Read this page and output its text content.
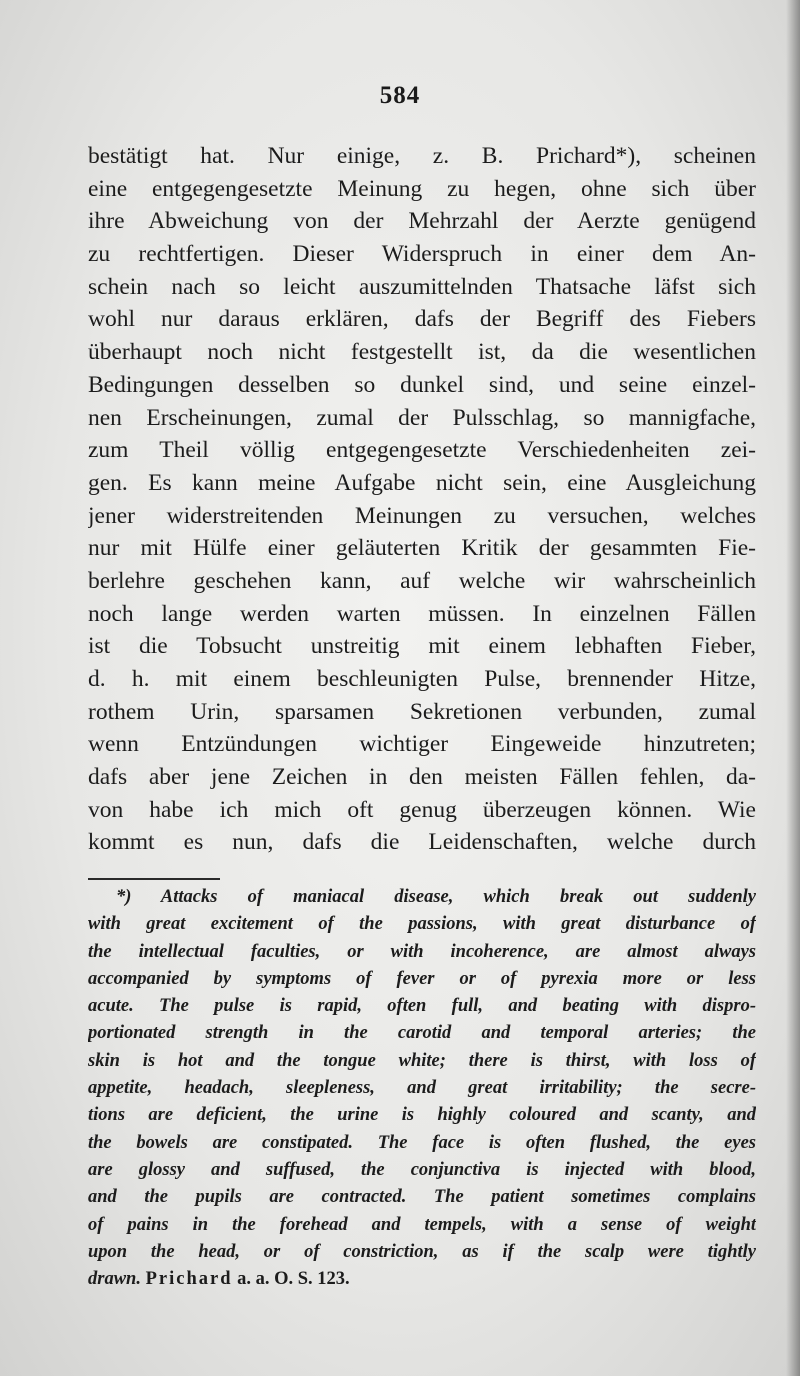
584
bestätigt hat. Nur einige, z. B. Prichard*), scheinen
eine entgegengesetzte Meinung zu hegen, ohne sich über
ihre Abweichung von der Mehrzahl der Aerzte genügend
zu rechtfertigen. Dieser Widerspruch in einer dem An-
schein nach so leicht auszumittelnden Thatsache läfst sich
wohl nur daraus erklären, dafs der Begriff des Fiebers
überhaupt noch nicht festgestellt ist, da die wesentlichen
Bedingungen desselben so dunkel sind, und seine einzel-
nen Erscheinungen, zumal der Pulsschlag, so mannigfache,
zum Theil völlig entgegengesetzte Verschiedenheiten zei-
gen. Es kann meine Aufgabe nicht sein, eine Ausgleichung
jener widerstreitenden Meinungen zu versuchen, welches
nur mit Hülfe einer geläuterten Kritik der gesammten Fie-
berlehre geschehen kann, auf welche wir wahrscheinlich
noch lange werden warten müssen. In einzelnen Fällen
ist die Tobsucht unstreitig mit einem lebhaften Fieber,
d. h. mit einem beschleunigten Pulse, brennender Hitze,
rothem Urin, sparsamen Sekretionen verbunden, zumal
wenn Entzündungen wichtiger Eingeweide hinzutreten;
dafs aber jene Zeichen in den meisten Fällen fehlen, da-
von habe ich mich oft genug überzeugen können. Wie
kommt es nun, dafs die Leidenschaften, welche durch
*) Attacks of maniacal disease, which break out suddenly
with great excitement of the passions, with great disturbance of
the intellectual faculties, or with incoherence, are almost always
accompanied by symptoms of fever or of pyrexia more or less
acute. The pulse is rapid, often full, and beating with dispro-
portionated strength in the carotid and temporal arteries; the
skin is hot and the tongue white; there is thirst, with loss of
appetite, headach, sleepleness, and great irritability; the secre-
tions are deficient, the urine is highly coloured and scanty, and
the bowels are constipated. The face is often flushed, the eyes
are glossy and suffused, the conjunctiva is injected with blood,
and the pupils are contracted. The patient sometimes complains
of pains in the forehead and tempels, with a sense of weight
upon the head, or of constriction, as if the scalp were tightly
drawn. Prichard a. a. O. S. 123.
